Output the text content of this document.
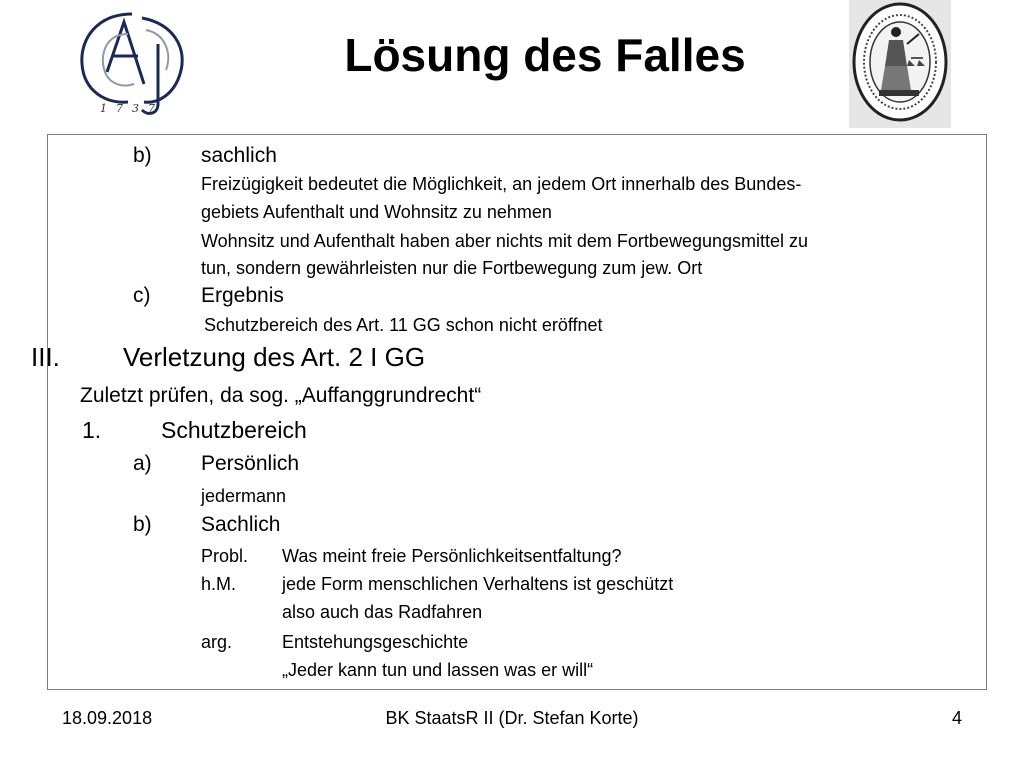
Lösung des Falles
1737
b) sachlich
Freizügigkeit bedeutet die Möglichkeit, an jedem Ort innerhalb des Bundes-
gebiets Aufenthalt und Wohnsitz zu nehmen
Wohnsitz und Aufenthalt haben aber nichts mit dem Fortbewegungsmittel zu
tun, sondern gewährleisten nur die Fortbewegung zum jew. Ort
c) Ergebnis
Schutzbereich des Art. 11 GG schon nicht eröffnet
III. Verletzung des Art. 2 I GG
Zuletzt prüfen, da sog. „Auffanggrundrecht“
1.	Schutzbereich
a) Persönlich
jedermann
b) Sachlich
Probl. Was meint freie Persönlichkeitsentfaltung?
h.M.	jede Form menschlichen Verhaltens ist geschützt
also auch das Radfahren
arg.	Entstehungsgeschichte
„Jeder kann tun und lassen was er will“
18.09.2018	BK StaatsR II (Dr. Stefan Korte)	4
